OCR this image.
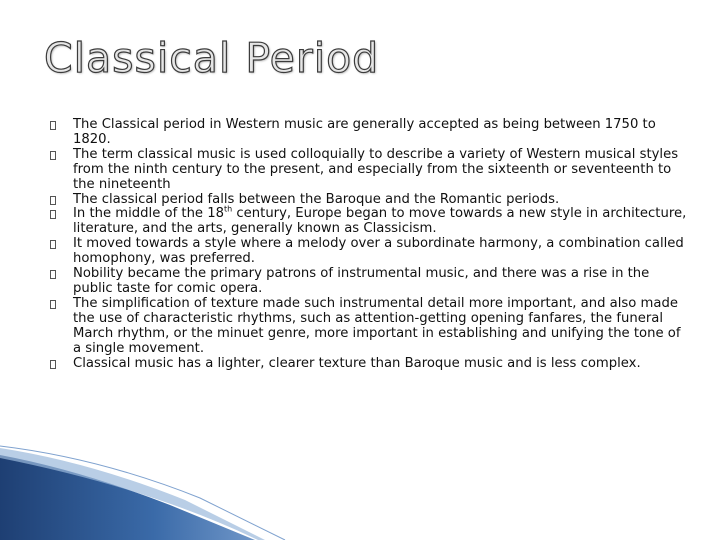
Classical Period
The Classical period in Western music are generally accepted as being between 1750 to 1820.
The term classical music is used colloquially to describe a variety of Western musical styles from the ninth century to the present, and especially from the sixteenth or seventeenth to the nineteenth
The classical period falls between the Baroque and the Romantic periods.
In the middle of the 18th century, Europe began to move towards a new style in architecture, literature, and the arts, generally known as Classicism.
It moved towards a style where a melody over a subordinate harmony, a combination called homophony, was preferred.
Nobility became the primary patrons of instrumental music, and there was a rise in the public taste for comic opera.
The simplification of texture made such instrumental detail more important, and also made the use of characteristic rhythms, such as attention-getting opening fanfares, the funeral March rhythm, or the minuet genre, more important in establishing and unifying the tone of a single movement.
Classical music has a lighter, clearer texture than Baroque music and is less complex.
